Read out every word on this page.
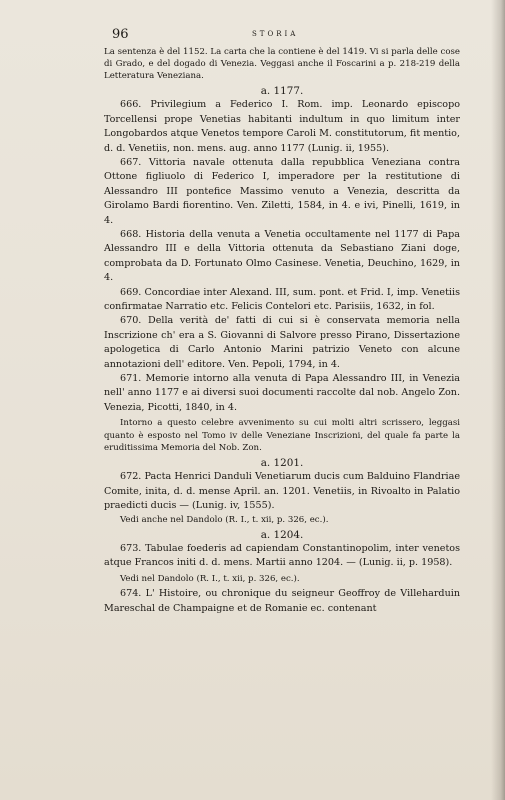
96	STORIA

La sentenza è del 1152. La carta che la contiene è del 1419. Vi si parla delle cose di Grado, e del dogado di Venezia. Veggasi anche il Foscarini a p. 218-219 della Letteratura Veneziana.

a. 1177.

666. Privilegium a Federico I. Rom. imp. Leonardo episcopo Torcellensi prope Venetias habitanti indultum in quo limitum inter Longobardos atque Venetos tempore Caroli M. constitutorum, fit mentio, d. d. Venetiis, non. mens. aug. anno 1177 (Lunig. ii, 1955).

667. Vittoria navale ottenuta dalla repubblica Veneziana contra Ottone figliuolo di Federico I, imperadore per la restitutione di Alessandro III pontefice Massimo venuto a Venezia, descritta da Girolamo Bardi fiorentino. Ven. Ziletti, 1584, in 4. e ivi, Pinelli, 1619, in 4.

668. Historia della venuta a Venetia occultamente nel 1177 di Papa Alessandro III e della Vittoria ottenuta da Sebastiano Ziani doge, comprobata da D. Fortunato Olmo Casinese. Venetia, Deuchino, 1629, in 4.

669. Concordiae inter Alexand. III, sum. pont. et Frid. I, imp. Venetiis confirmatae Narratio etc. Felicis Contelori etc. Parisiis, 1632, in fol.

670. Della verità de' fatti di cui si è conservata memoria nella Inscrizione ch' era a S. Giovanni di Salvore presso Pirano, Dissertazione apologetica di Carlo Antonio Marini patrizio Veneto con alcune annotazioni dell' editore. Ven. Pepoli, 1794, in 4.

671. Memorie intorno alla venuta di Papa Alessandro III, in Venezia nell' anno 1177 e ai diversi suoi documenti raccolte dal nob. Angelo Zon. Venezia, Picotti, 1840, in 4.

Intorno a questo celebre avvenimento su cui molti altri scrissero, leggasi quanto è esposto nel Tomo iv delle Veneziane Inscrizioni, del quale fa parte la eruditissima Memoria del Nob. Zon.

a. 1201.

672. Pacta Henrici Danduli Venetiarum ducis cum Balduino Flandriae Comite, inita, d. d. mense April. an. 1201. Venetiis, in Rivoalto in Palatio praedicti ducis — (Lunig. iv, 1555).

Vedi anche nel Dandolo (R. I., t. xii, p. 326, ec.).

a. 1204.

673. Tabulae foederis ad capiendam Constantinopolim, inter venetos atque Francos initi d. d. mens. Martii anno 1204. — (Lunig. ii, p. 1958).

Vedi nel Dandolo (R. I., t. xii, p. 326, ec.).

674. L' Histoire, ou chronique du seigneur Geoffroy de Villeharduin Mareschal de Champaigne et de Romanie ec. contenant
